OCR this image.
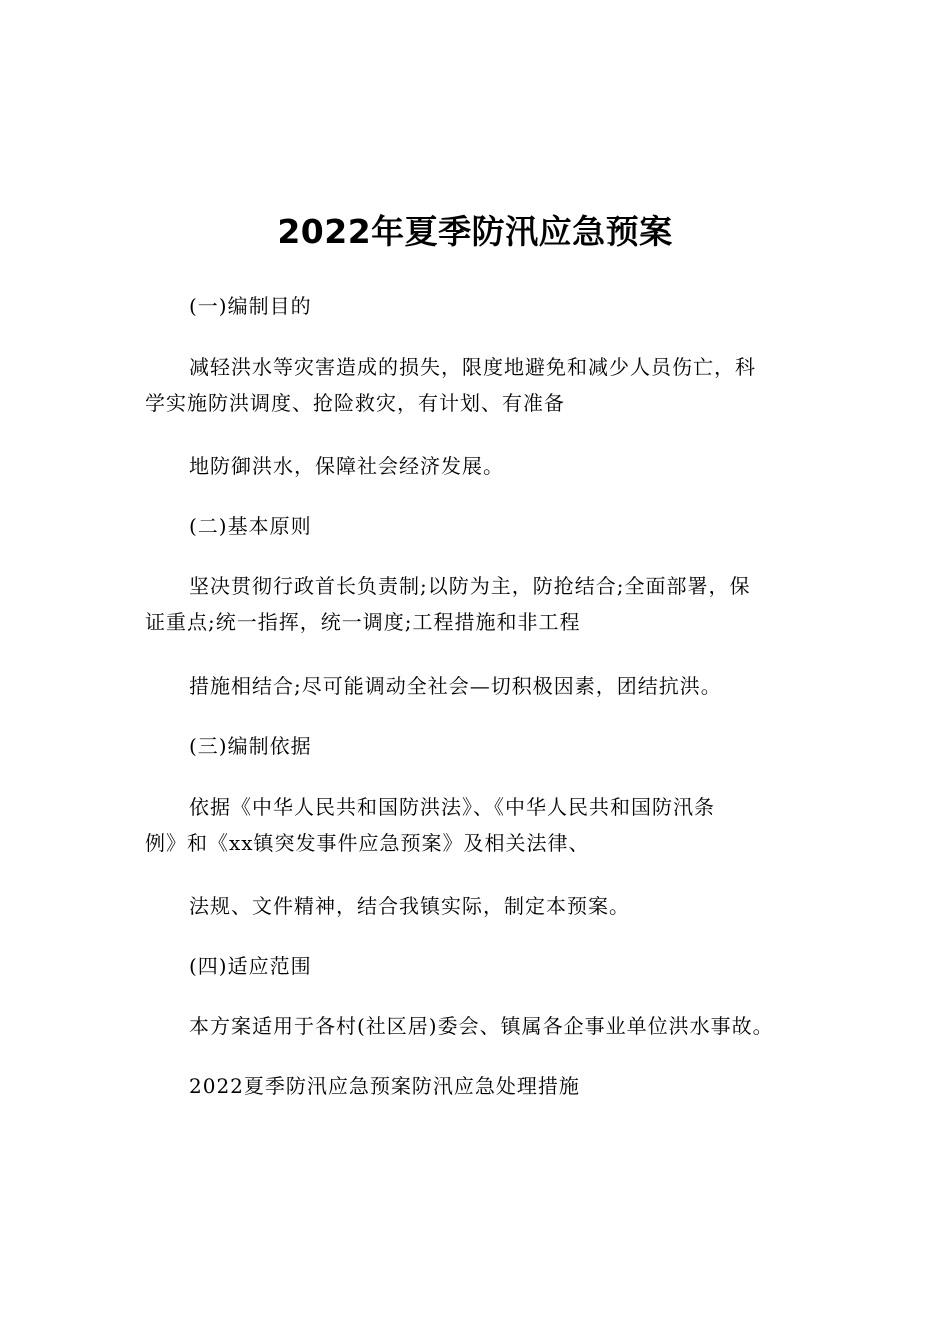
2022年夏季防汛应急预案
(一)编制目的
减轻洪水等灾害造成的损失，限度地避免和减少人员伤亡，科
学实施防洪调度、抢险救灾，有计划、有准备
地防御洪水，保障社会经济发展。
(二)基本原则
坚决贯彻行政首长负责制;以防为主，防抢结合;全面部署，保
证重点;统一指挥，统一调度;工程措施和非工程
措施相结合;尽可能调动全社会—切积极因素，团结抗洪。
(三)编制依据
依据《中华人民共和国防洪法》、《中华人民共和国防汛条
例》和《xx镇突发事件应急预案》及相关法律、
法规、文件精神，结合我镇实际，制定本预案。
(四)适应范围
本方案适用于各村(社区居)委会、镇属各企事业单位洪水事故。
2022夏季防汛应急预案防汛应急处理措施
